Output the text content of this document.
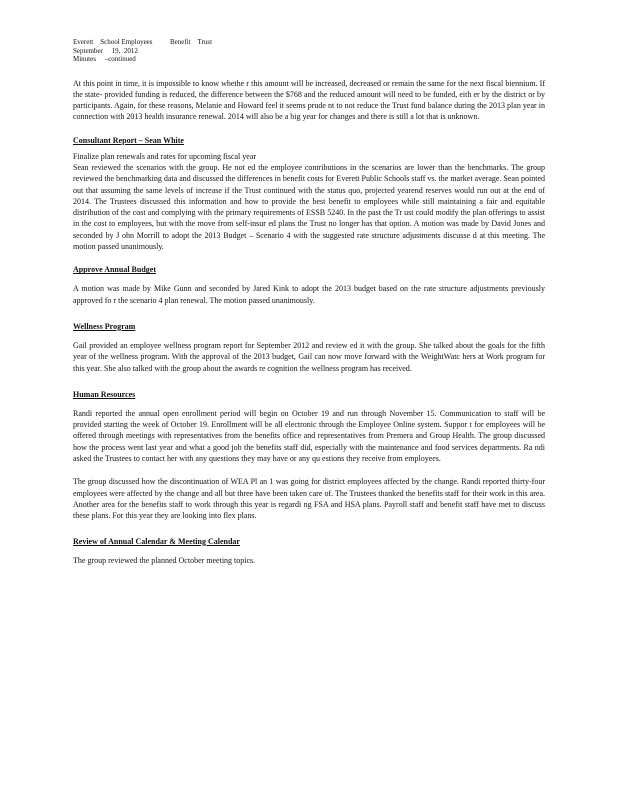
Everett    School Employees          Benefit    Trust
September     19,  2012
Minutes     –continued

At this point in time, it is impossible to know whethe r this amount will be increased, decreased or remain the same for the next fiscal biennium. If the state- provided funding is reduced, the difference between the $768 and the reduced amount will need to be funded, eith er by the district or by participants. Again, for these reasons, Melanie and Howard feel it seems prude nt to not reduce the Trust fund balance during the 2013 plan year in connection with 2013 health insurance renewal. 2014 will also be a big year for changes and there is still a lot that is unknown.

Consultant Report – Sean White

Finalize plan renewals and rates for upcoming fiscal year

Sean reviewed the scenarios with the group. He not ed the employee contributions in the scenarios are lower than the benchmarks. The group reviewed the benchmarking data and discussed the differences in benefit costs for Everett Public Schools staff vs. the market average. Sean pointed out that assuming the same levels of increase if the Trust continued with the status quo, projected yearend reserves would run out at the end of 2014. The Trustees discussed this information and how to provide the best benefit to employees while still maintaining a fair and equitable distribution of the cost and complying with the primary requirements of ESSB 5240. In the past the Tr ust could modify the plan offerings to assist in the cost to employees, but with the move from self-insur ed plans the Trust no longer has that option. A motion was made by David Jones and seconded by J ohn Morrill to adopt the 2013 Budget – Scenario 4 with the suggested rate structure adjustments discusse d at this meeting. The motion passed unanimously.

Approve Annual Budget

A motion was made by Mike Gunn and seconded by Jared Kink to adopt the 2013 budget based on the rate structure adjustments previously approved fo r the scenario 4 plan renewal. The motion passed unanimously.

Wellness Program

Gail provided an employee wellness program report for September 2012 and review ed it with the group. She talked about the goals for the fifth year of the wellness program. With the approval of the 2013 budget, Gail can now move forward with the WeightWatc hers at Work program for this year. She also talked with the group about the awards re cognition the wellness program has received.

Human Resources

Randi reported the annual open enrollment period will begin on October 19 and run through November 15. Communication to staff will be provided starting the week of October 19. Enrollment will be all electronic through the Employee Online system. Suppor t for employees will be offered through meetings with representatives from the benefits office and representatives from Premera and Group Health. The group discussed how the process went last year and what a good job the benefits staff did, especially with the maintenance and food services departments. Ra ndi asked the Trustees to contact her with any questions they may have or any qu estions they receive from employees.

The group discussed how the discontinuation of WEA Pl an 1 was going for district employees affected by the change. Randi reported thirty-four employees were affected by the change and all but three have been taken care of. The Trustees thanked the benefits staff for their work in this area. Another area for the benefits staff to work through this year is regardi ng FSA and HSA plans. Payroll staff and benefit staff have met to discuss these plans. For this year they are looking into flex plans.

Review of Annual Calendar & Meeting Calendar

The group reviewed the planned October meeting topics.
